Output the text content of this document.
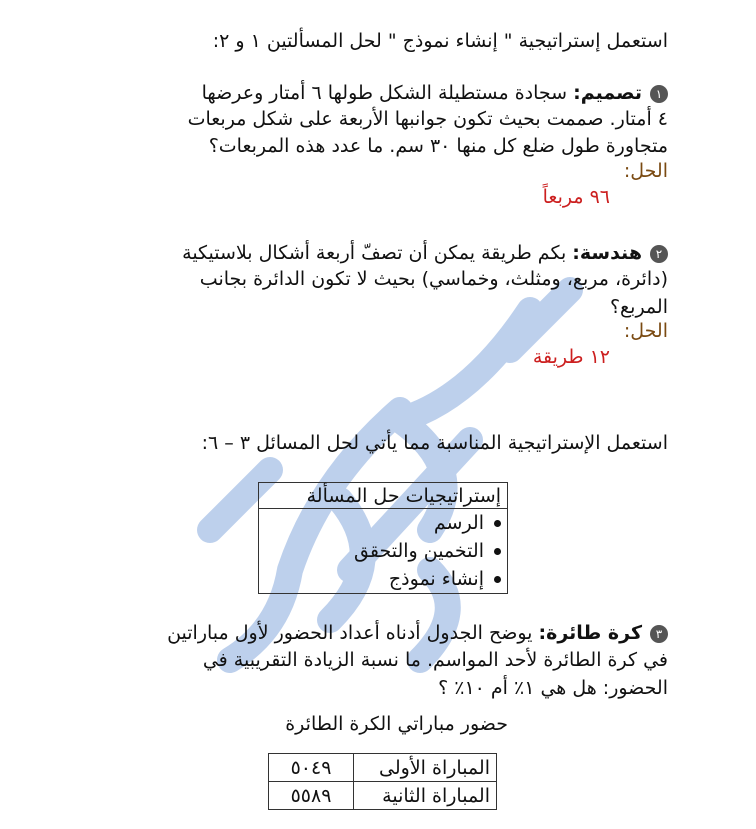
استعمل إستراتيجية " إنشاء نموذج " لحل المسألتين ١ و ٢:
١تصميم: سجادة مستطيلة الشكل طولها ٦ أمتار وعرضها
٤ أمتار. صممت بحيث تكون جوانبها الأربعة على شكل مربعات
متجاورة طول ضلع كل منها ٣٠ سم. ما عدد هذه المربعات؟
الحل:
٩٦ مربعاً
٢هندسة: بكم طريقة يمكن أن تصفّ أربعة أشكال بلاستيكية
(دائرة، مربع، ومثلث، وخماسي) بحيث لا تكون الدائرة بجانب
المربع؟
الحل:
١٢ طريقة
استعمل الإستراتيجية المناسبة مما يأتي لحل المسائل ٣ – ٦:
إستراتيجيات حل المسألة
الرسم
التخمين والتحقق
إنشاء نموذج
٣كرة طائرة: يوضح الجدول أدناه أعداد الحضور لأول مباراتين
في كرة الطائرة لأحد المواسم. ما نسبة الزيادة التقريبية في
الحضور: هل هي ١٪ أم ١٠٪ ؟
حضور مباراتي الكرة الطائرة
المباراة الأولى	٥٠٤٩
المباراة الثانية	٥٥٨٩
